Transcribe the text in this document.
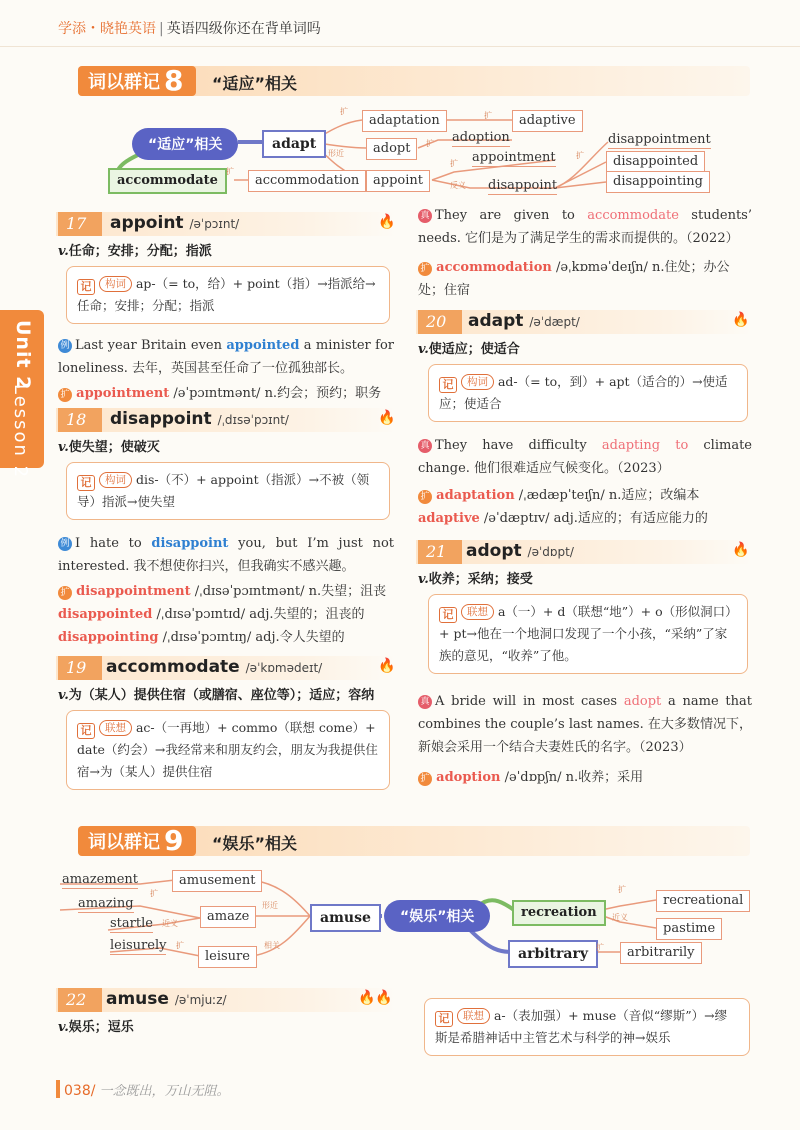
学添・晓艳英语 | 英语四级你还在背单词吗
词以群记 8	“适应”相关
“适应”相关	adapt
adaptation	adaptive
adopt
adoption
appoint
appointment
disappoint
disappointment
disappointed
disappointing
accommodate	accommodation
扩	扩
形近
扩
扩
反义
扩
扩
Unit 2
Lesson 2
17	appoint /əˈpɔɪnt/	🔥
v.任命；安排；分配；指派
记 构词 ap-（= to，给）+ point（指）→指派给→任命；安排；分配；指派
例 Last year Britain even appointed a minister for loneliness. 去年，英国甚至任命了一位孤独部长。
扩 appointment /əˈpɔɪntmənt/ n.约会；预约；职务
18	disappoint /ˌdɪsəˈpɔɪnt/	🔥
v.使失望；使破灭
记 构词 dis-（不）+ appoint（指派）→不被（领导）指派→使失望
例 I hate to disappoint you, but I’m just not interested. 我不想使你扫兴，但我确实不感兴趣。
扩 disappointment /ˌdɪsəˈpɔɪntmənt/ n.失望；沮丧
disappointed /ˌdɪsəˈpɔɪntɪd/ adj.失望的；沮丧的
disappointing /ˌdɪsəˈpɔɪntɪŋ/ adj.令人失望的
19	accommodate /əˈkɒmədeɪt/	🔥
v.为（某人）提供住宿（或膳宿、座位等）；适应；容纳
记 联想 ac-（一再地）+ commo（联想 come）+ date（约会）→我经常来和朋友约会，朋友为我提供住宿→为（某人）提供住宿
真 They are given to accommodate students’ needs. 它们是为了满足学生的需求而提供的。（2022）
扩 accommodation /əˌkɒməˈdeɪʃn/ n.住处；办公处；住宿
20	adapt /əˈdæpt/	🔥
v.使适应；使适合
记 构词 ad-（= to，到）+ apt（适合的）→使适应；使适合
真 They have difficulty adapting to climate change. 他们很难适应气候变化。（2023）
扩 adaptation /ˌædæpˈteɪʃn/ n.适应；改编本
adaptive /əˈdæptɪv/ adj.适应的；有适应能力的
21	adopt /əˈdɒpt/	🔥
v.收养；采纳；接受
记 联想 a（一）+ d（联想“地”）+ o（形似洞口）+ pt→他在一个地洞口发现了一个小孩，“采纳”了家族的意见，“收养”了他。
真 A bride will in most cases adopt a name that combines the couple’s last names. 在大多数情况下，新娘会采用一个结合夫妻姓氏的名字。（2023）
扩 adoption /əˈdɒpʃn/ n.收养；采用
词以群记 9	“娱乐”相关
amazement	amusement
amazing
amaze
startle
leisurely
leisure
amuse	“娱乐”相关	recreation
recreational
pastime
arbitrary	arbitrarily
扩
近义
扩
形近
相关
扩
近义
扩
22	amuse /əˈmjuːz/	🔥🔥
v.娱乐；逗乐
记 联想 a-（表加强）+ muse（音似“缪斯”）→缪斯是希腊神话中主管艺术与科学的神→娱乐
038/ 一念既出，万山无阻。
